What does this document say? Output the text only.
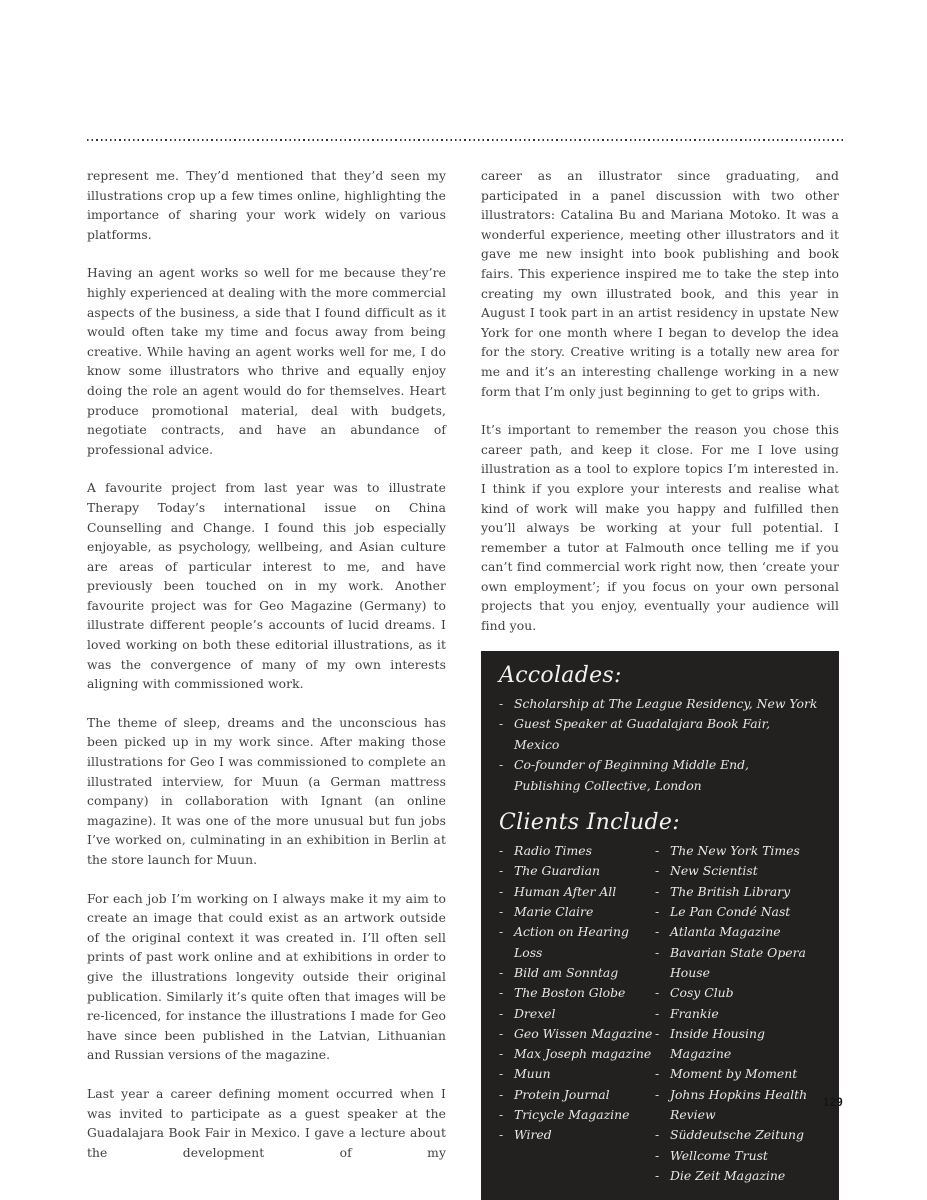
represent me. They’d mentioned that they’d seen my illustrations crop up a few times online, highlighting the importance of sharing your work widely on various platforms.

Having an agent works so well for me because they’re highly experienced at dealing with the more commercial aspects of the business, a side that I found difficult as it would often take my time and focus away from being creative. While having an agent works well for me, I do know some illustrators who thrive and equally enjoy doing the role an agent would do for themselves. Heart produce promotional material, deal with budgets, negotiate contracts, and have an abundance of professional advice.

A favourite project from last year was to illustrate Therapy Today’s international issue on China Counselling and Change. I found this job especially enjoyable, as psychology, wellbeing, and Asian culture are areas of particular interest to me, and have previously been touched on in my work. Another favourite project was for Geo Magazine (Germany) to illustrate different people’s accounts of lucid dreams. I loved working on both these editorial illustrations, as it was the convergence of many of my own interests aligning with commissioned work.

The theme of sleep, dreams and the unconscious has been picked up in my work since. After making those illustrations for Geo I was commissioned to complete an illustrated interview, for Muun (a German mattress company) in collaboration with Ignant (an online magazine). It was one of the more unusual but fun jobs I’ve worked on, culminating in an exhibition in Berlin at the store launch for Muun.

For each job I’m working on I always make it my aim to create an image that could exist as an artwork outside of the original context it was created in. I’ll often sell prints of past work online and at exhibitions in order to give the illustrations longevity outside their original publication. Similarly it’s quite often that images will be re-licenced, for instance the illustrations I made for Geo have since been published in the Latvian, Lithuanian and Russian versions of the magazine.

Last year a career defining moment occurred when I was invited to participate as a guest speaker at the Guadalajara Book Fair in Mexico. I gave a lecture about the development of my

career as an illustrator since graduating, and participated in a panel discussion with two other illustrators: Catalina Bu and Mariana Motoko. It was a wonderful experience, meeting other illustrators and it gave me new insight into book publishing and book fairs. This experience inspired me to take the step into creating my own illustrated book, and this year in August I took part in an artist residency in upstate New York for one month where I began to develop the idea for the story. Creative writing is a totally new area for me and it’s an interesting challenge working in a new form that I’m only just beginning to get to grips with.

It’s important to remember the reason you chose this career path, and keep it close. For me I love using illustration as a tool to explore topics I’m interested in. I think if you explore your interests and realise what kind of work will make you happy and fulfilled then you’ll always be working at your full potential. I remember a tutor at Falmouth once telling me if you can’t find commercial work right now, then ‘create your own employment’; if you focus on your own personal projects that you enjoy, eventually your audience will find you.

Accolades:
- Scholarship at The League Residency, New York
- Guest Speaker at Guadalajara Book Fair, Mexico
- Co-founder of Beginning Middle End,
Publishing Collective, London
Clients Include:
- Radio Times
- The Guardian
- Human After All
- Marie Claire
- Action on Hearing Loss
- Bild am Sonntag
- The Boston Globe
- Drexel
- Geo Wissen Magazine
- Max Joseph magazine
- Muun
- Protein Journal
- Tricycle Magazine
- Wired
- The New York Times
- New Scientist
- The British Library
- Le Pan Condé Nast
- Atlanta Magazine
- Bavarian State Opera House
- Cosy Club
- Frankie
- Inside Housing Magazine
- Moment by Moment
- Johns Hopkins Health Review
- Süddeutsche Zeitung
- Wellcome Trust
- Die Zeit Magazine
129
